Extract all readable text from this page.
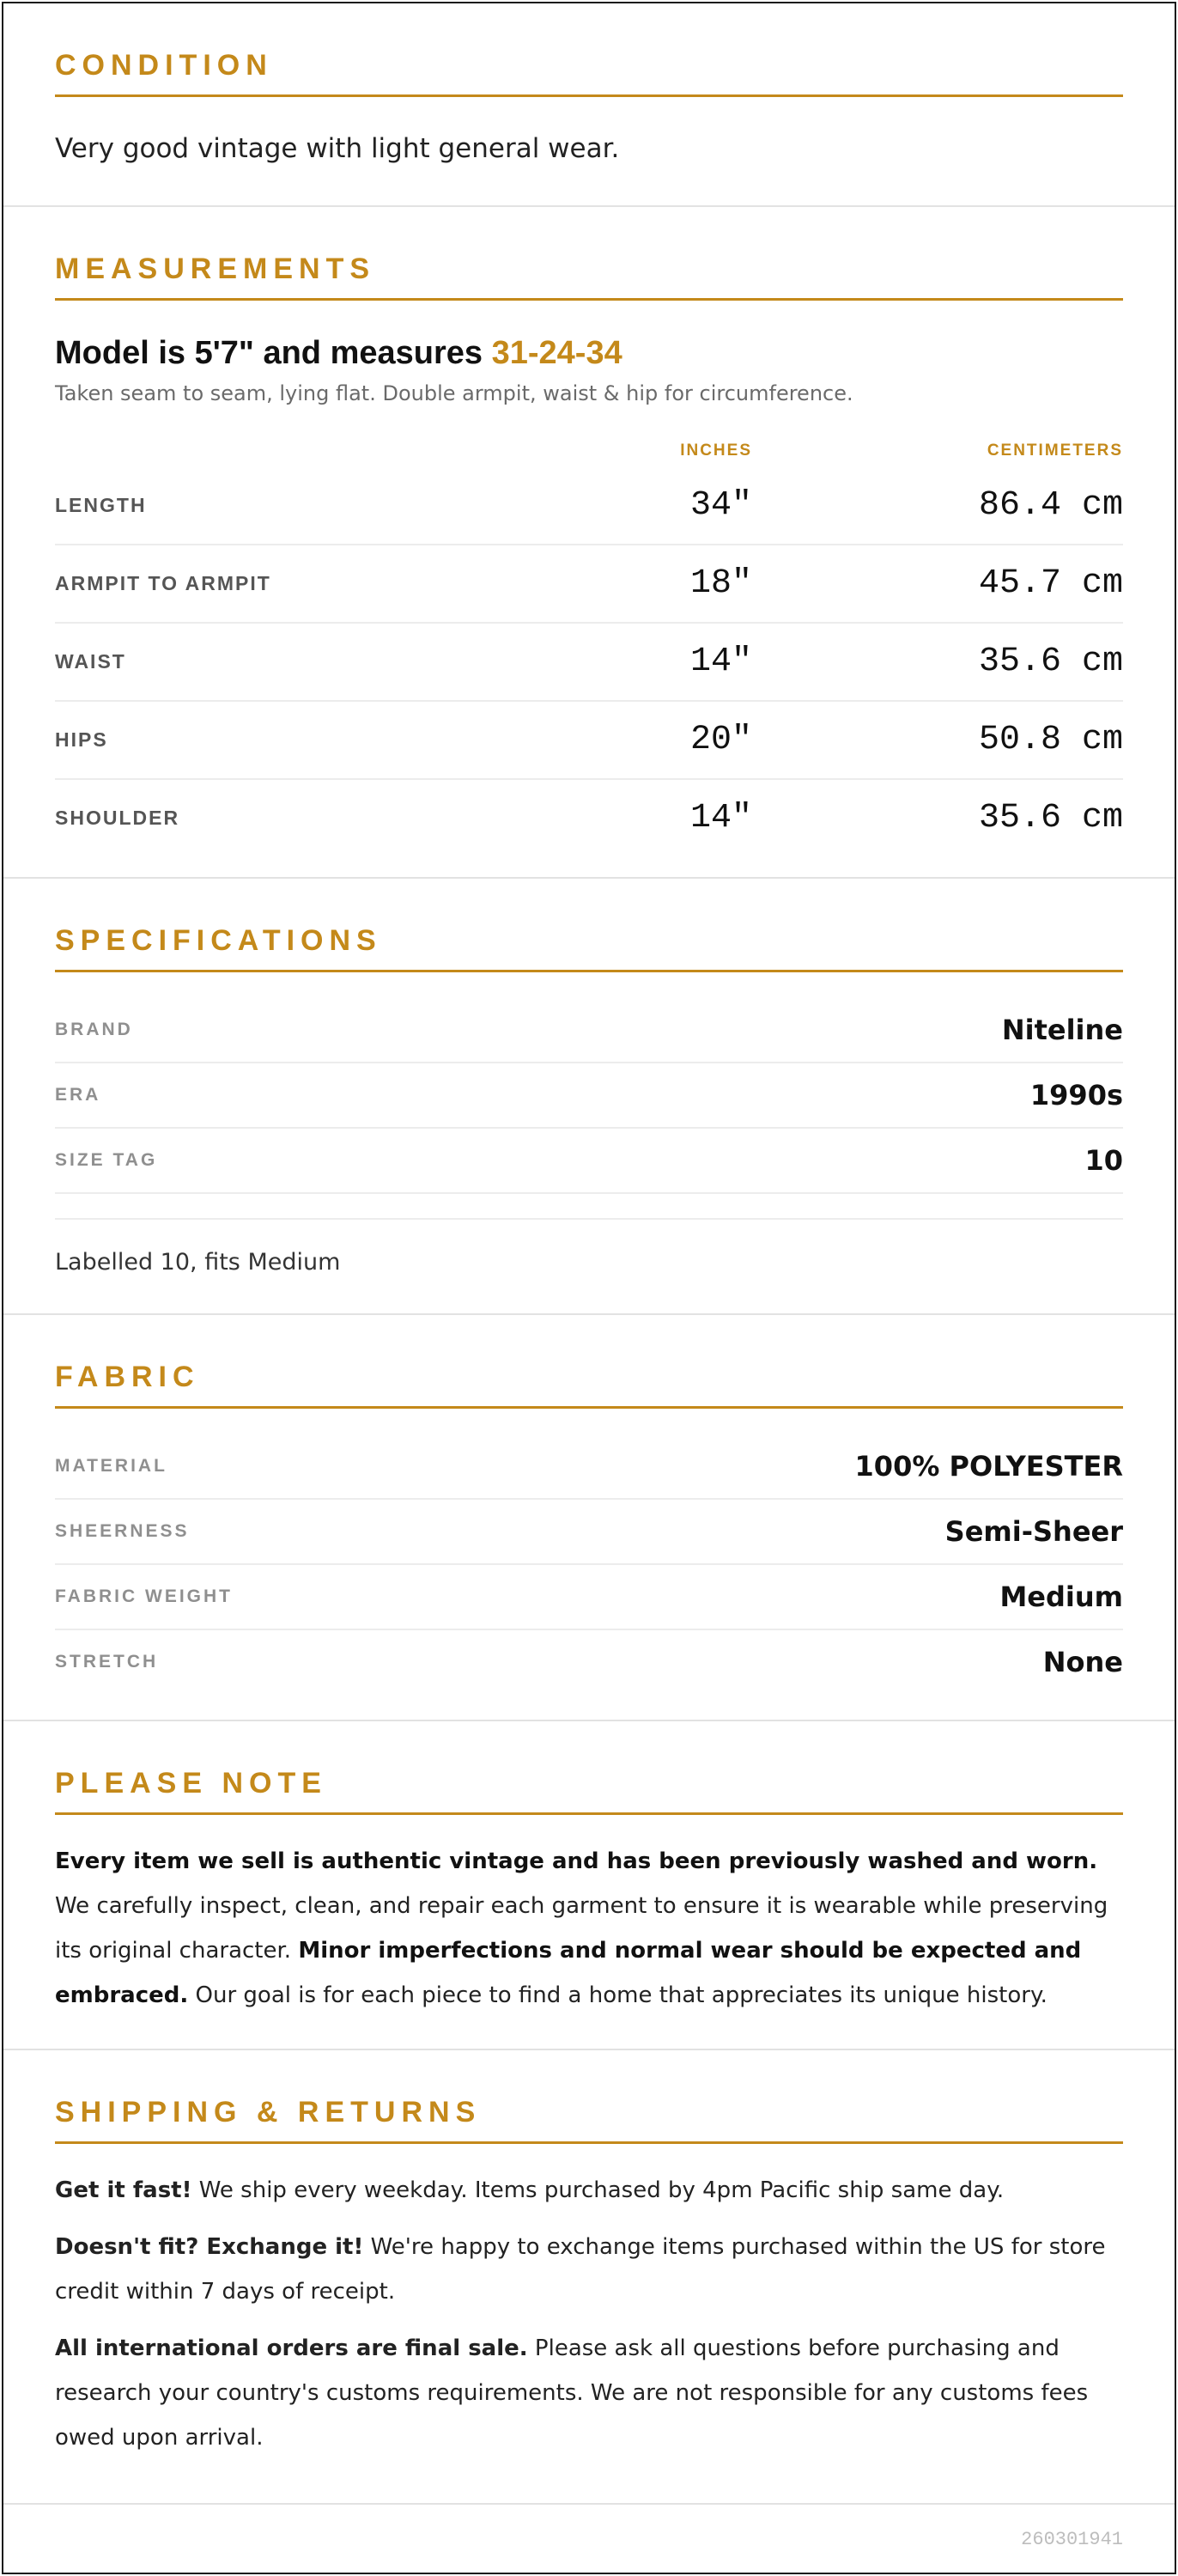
CONDITION
Very good vintage with light general wear.
MEASUREMENTS
Model is 5'7" and measures 31-24-34
Taken seam to seam, lying flat. Double armpit, waist & hip for circumference.
INCHES	CENTIMETERS
LENGTH	34"	86.4 cm
ARMPIT TO ARMPIT	18"	45.7 cm
WAIST	14"	35.6 cm
HIPS	20"	50.8 cm
SHOULDER	14"	35.6 cm
SPECIFICATIONS
BRAND	Niteline
ERA	1990s
SIZE TAG	10
Labelled 10, fits Medium
FABRIC
MATERIAL	100% POLYESTER
SHEERNESS	Semi-Sheer
FABRIC WEIGHT	Medium
STRETCH	None
PLEASE NOTE
Every item we sell is authentic vintage and has been previously washed and worn. We carefully inspect, clean, and repair each garment to ensure it is wearable while preserving its original character. Minor imperfections and normal wear should be expected and embraced. Our goal is for each piece to find a home that appreciates its unique history.
SHIPPING & RETURNS

Get it fast! We ship every weekday. Items purchased by 4pm Pacific ship same day.

Doesn't fit? Exchange it! We're happy to exchange items purchased within the US for store credit within 7 days of receipt.

All international orders are final sale. Please ask all questions before purchasing and research your country's customs requirements. We are not responsible for any customs fees owed upon arrival.

260301941
